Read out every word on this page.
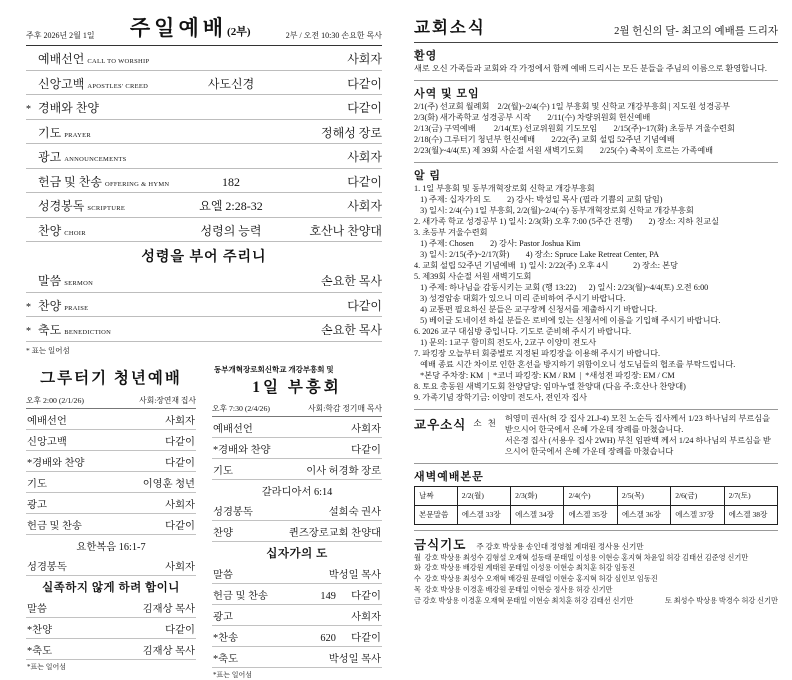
주후 2026년 2월 1일 주일예배(2부)	2부 / 오전 10:30 손요한 목사
예배선언 CALL TO WORSHIP	사회자
신앙고백 APOSTLES' CREED	사도신경	다같이
* 경배와 찬양	다같이
기도 PRAYER	정해성 장로
광고 ANNOUNCEMENTS	사회자
헌금 및 찬송 OFFERING & HYMN	182	다같이
성경봉독 SCRIPTURE	요엘 2:28-32	사회자
찬양 CHOIR	성령의 능력	호산나 찬양대
성령을 부어 주리니
말씀 SERMON	손요한 목사
* 찬양 PRAISE	다같이
* 축도 BENEDICTION	손요한 목사
* 표는 일어섬
그루터기 청년예배
오후 2:00 (2/1/26)	사회:장연재 집사
예배선언	사회자
신앙고백	다같이
*경배와 찬양	다같이
기도	이영훈 청년
광고	사회자
헌금 및 찬송	다같이
요한복음 16:1-7
성경봉독	사회자
실족하지 않게 하려 함이니
말씀	김재상 목사
*찬양	다같이
*축도	김재상 목사
*표는 일어섬
동부개혁장로회신학교 개강부흥회 및
1일 부흥회
오후 7:30 (2/4/26)	사회:학감 정기매 목사
예배선언	사회자
*경배와 찬양	다같이
기도	이사 허경화 장로
갈라디아서 6:14
성경봉독	설희숙 권사
찬양	퀸즈장로교회 찬양대
십자가의 도
말씀	박성일 목사
헌금 및 찬송	149	다같이
광고	사회자
*찬송	620	다같이
*축도	박성일 목사
*표는 일어섬
교회소식	2월 헌신의 달- 최고의 예배를 드리자
환영
새로 오신 가족들과 교회와 각 가정에서 함께 예배 드리시는 모든 분들을 주님의 이름으로 환영합니다.
사역 및 모임
2/1(주) 선교회 월례회    2/2(월)~2/4(수) 1일 부흥회 및 신학교 개강부흥회 | 지도원 성경공부
2/3(화) 새가족학교 성경공부 시작        2/11(수) 차량위원회 헌신예배
2/13(금) 구역예배         2/14(토) 선교위원회 기도모임        2/15(주)~17(화) 초등부 겨울수련회
2/18(수) 그루터기 청년부 헌신예배        2/22(주) 교회 설립 52주년 기념예배
2/23(월)~4/4(토) 제 39회 사순절 서원 새벽기도회        2/25(수) 축복이 흐르는 가족예배
알 림
1. 1일 부흥회 및 동부개혁장로회 신학교 개강부흥회
1) 주제: 십자가의 도        2) 강사: 박성일 목사 (필라 기쁨의 교회 담임)
3) 일시: 2/4(수) 1일 부흥회, 2/2(월)~2/4(수) 동부개혁장로회 신학교 개강부흥회
2. 새가족 학교 성경공부 1) 일시: 2/3(화) 오후 7:00 (5주간 진행)        2) 장소: 지하 친교실
3. 초등부 겨울수련회
1) 주제: Chosen        2) 강사: Pastor Joshua Kim
3) 일시: 2/15(주)~2/17(화)        4) 장소: Spruce Lake Retreat Center, PA
4. 교회 설립 52주년 기념예배  1) 일시: 2/22(주) 오후 4시            2) 장소: 본당
5. 제39회 사순절 서원 새벽기도회
1) 주제: 하나님을 감동시키는 교회 (행 13:22)      2) 일시: 2/23(월)~4/4(토) 오전 6:00
3) 성경암송 대회가 있으니 미리 준비하여 주시기 바랍니다.
4) 교통편 필요하신 분들은 교구장께 신청서를 제출하시기 바랍니다.
5) 베이글 도네이션 하실 분들은 로비에 있는 신청서에 이름을 기입해 주시기 바랍니다.
6. 2026 교구 대심방 중입니다. 기도로 준비해 주시기 바랍니다.
1) 문의: 1교구 함미희 전도사, 2교구 이양미 전도사
7. 파킹장 오늘부터 회중별로 지정된 파킹장을 이용해 주시기 바랍니다.
예배 종료 시간 차이로 인한 혼선을 방지하기 위함이오니 성도님들의 협조를 부탁드립니다.
*본당 주차장: KM  |  *코너 파킹장: KM / RM  |  *새성전 파킹장: EM / CM
8. 토요 총동원 새벽기도회 찬양담당: 임마누엘 찬양대 (다음 주:호산나 찬양대)
9. 가족기념 장학기금: 이양미 전도사, 전인자 집사
교우소식 소 천 허영미 권사(허 강 집사 2LJ-4) 모친 노순득 집사께서 1/23 하나님의 부르심을 받으시어 한국에서 은혜 가운데 장례를 마쳤습니다.
서은경 집사 (서용우 집사 2WH) 부친 임판백 께서 1/24 하나님의 부르심을 받으시어 한국에서 은혜 가운데 장례를 마쳤습니다
새벽예배본문
날짜	2/2(월)	2/3(화)	2/4(수)	2/5(목)	2/6(금)	2/7(토)
본문말씀	에스겔 33장	에스겔 34장	에스겔 35장	에스겔 36장	에스겔 37장	에스겔 38장
금식기도 주 강호 박상용 송인대 정영철 계대원 정사용 신기만
월  강호 박상용 최성수 김형설 오재혁 설동태 문태일 이성용 이현승 홍지혁 차윤일 허강 김태선 김준영 신기만
화  강호 박상용 배강원 계태원 문태일 이성용 이현승 최치훈 허강 임동진
수  강호 박상용 최성수 오재혁 배강원 문태일 이현승 홍지혁 허강 심인보 임동진
목  강호 박상용 이경훈 배강원 문태일 이현승 정사용 허강 신기만
금 강호 박상용 이경훈 오재혁 문태일 이현승 최치훈 허강 김태선 신기만	토 최성수 박상용 박경수 허강 신기만
